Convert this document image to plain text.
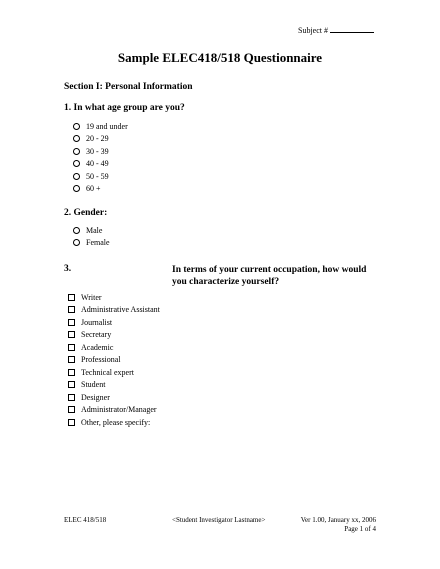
Subject #
Sample ELEC418/518 Questionnaire
Section I: Personal Information
1. In what age group are you?
19 and under
20 - 29
30 - 39
40 - 49
50 - 59
60 +
2. Gender:
Male
Female
3.	In terms of your current occupation, how would you characterize yourself?
Writer
Administrative Assistant
Journalist
Secretary
Academic
Professional
Technical expert
Student
Designer
Administrator/Manager
Other, please specify:
ELEC 418/518	<Student Investigator Lastname>	Ver 1.00, January xx, 2006
Page 1 of 4
